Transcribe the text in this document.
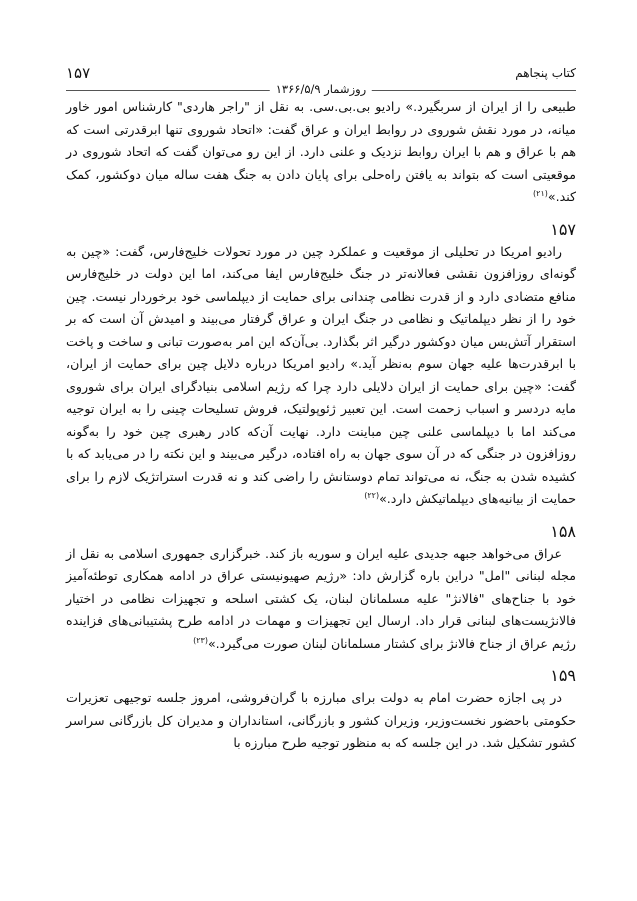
کتاب پنجاهم
۱۵۷
روزشمار ۱۳۶۶/۵/۹

طبیعی را از ایران از سربگیرد.» رادیو بی.بی.سی. به نقل از "راجر هاردی" کارشناس امور خاور میانه، در مورد نقش شوروی در روابط ایران و عراق گفت: «اتحاد شوروی تنها ابرقدرتی است که هم با عراق و هم با ایران روابط نزدیک و علنی دارد. از این رو می‌توان گفت که اتحاد شوروی در موقعیتی است که بتواند به یافتن راه‌حلی برای پایان دادن به جنگ هفت ساله میان دوکشور، کمک کند.»$^{(۲۱)}$

۱۵۷

رادیو امریکا در تحلیلی از موقعیت و عملکرد چین در مورد تحولات خلیج‌فارس، گفت: «چین به گونه‌ای روزافزون نقشی فعالانه‌تر در جنگ خلیج‌فارس ایفا می‌کند، اما این دولت در خلیج‌فارس منافع متضادی دارد و از قدرت نظامی چندانی برای حمایت از دیپلماسی خود برخوردار نیست. چین خود را از نظر دیپلماتیک و نظامی در جنگ ایران و عراق گرفتار می‌بیند و امیدش آن است که بر استقرار آتش‌بس میان دوکشور درگیر اثر بگذارد. بی‌آن‌که این امر به‌صورت تبانی و ساخت و پاخت با ابرقدرت‌ها علیه جهان سوم به‌نظر آید.» رادیو امریکا درباره دلایل چین برای حمایت از ایران، گفت: «چین برای حمایت از ایران دلایلی دارد چرا که رژیم اسلامی بنیادگرای ایران برای شوروی مایه دردسر و اسباب زحمت است. این تعبیر ژئوپولتیک، فروش تسلیحات چینی را به ایران توجیه می‌کند اما با دیپلماسی علنی چین مباینت دارد. نهایت آن‌که کادر رهبری چین خود را به‌گونه روزافزون در جنگی که در آن سوی جهان به راه افتاده، درگیر می‌بیند و این نکته را در می‌یابد که با کشیده شدن به جنگ، نه می‌تواند تمام دوستانش را راضی کند و نه قدرت استراتژیک لازم را برای حمایت از بیانیه‌های دیپلماتیکش دارد.»$^{(۲۲)}$

۱۵۸

عراق می‌خواهد جبهه جدیدی علیه ایران و سوریه باز کند. خبرگزاری جمهوری اسلامی به نقل از مجله لبنانی "امل" دراین باره گزارش داد: «رژیم صهیونیستی عراق در ادامه همکاری توطئه‌آمیز خود با جناح‌های "فالانژ" علیه مسلمانان لبنان، یک کشتی اسلحه و تجهیزات نظامی در اختیار فالانژیست‌های لبنانی قرار داد. ارسال این تجهیزات و مهمات در ادامه طرح پشتیبانی‌های فزاینده رژیم عراق از جناح فالانژ برای کشتار مسلمانان لبنان صورت می‌گیرد.»$^{(۲۳)}$

۱۵۹

در پی اجازه حضرت امام به دولت برای مبارزه با گران‌فروشی، امروز جلسه توجیهی تعزیرات حکومتی باحضور نخست‌وزیر، وزیران کشور و بازرگانی، استانداران و مدیران کل بازرگانی سراسر کشور تشکیل شد. در این جلسه که به منظور توجیه طرح مبارزه با
